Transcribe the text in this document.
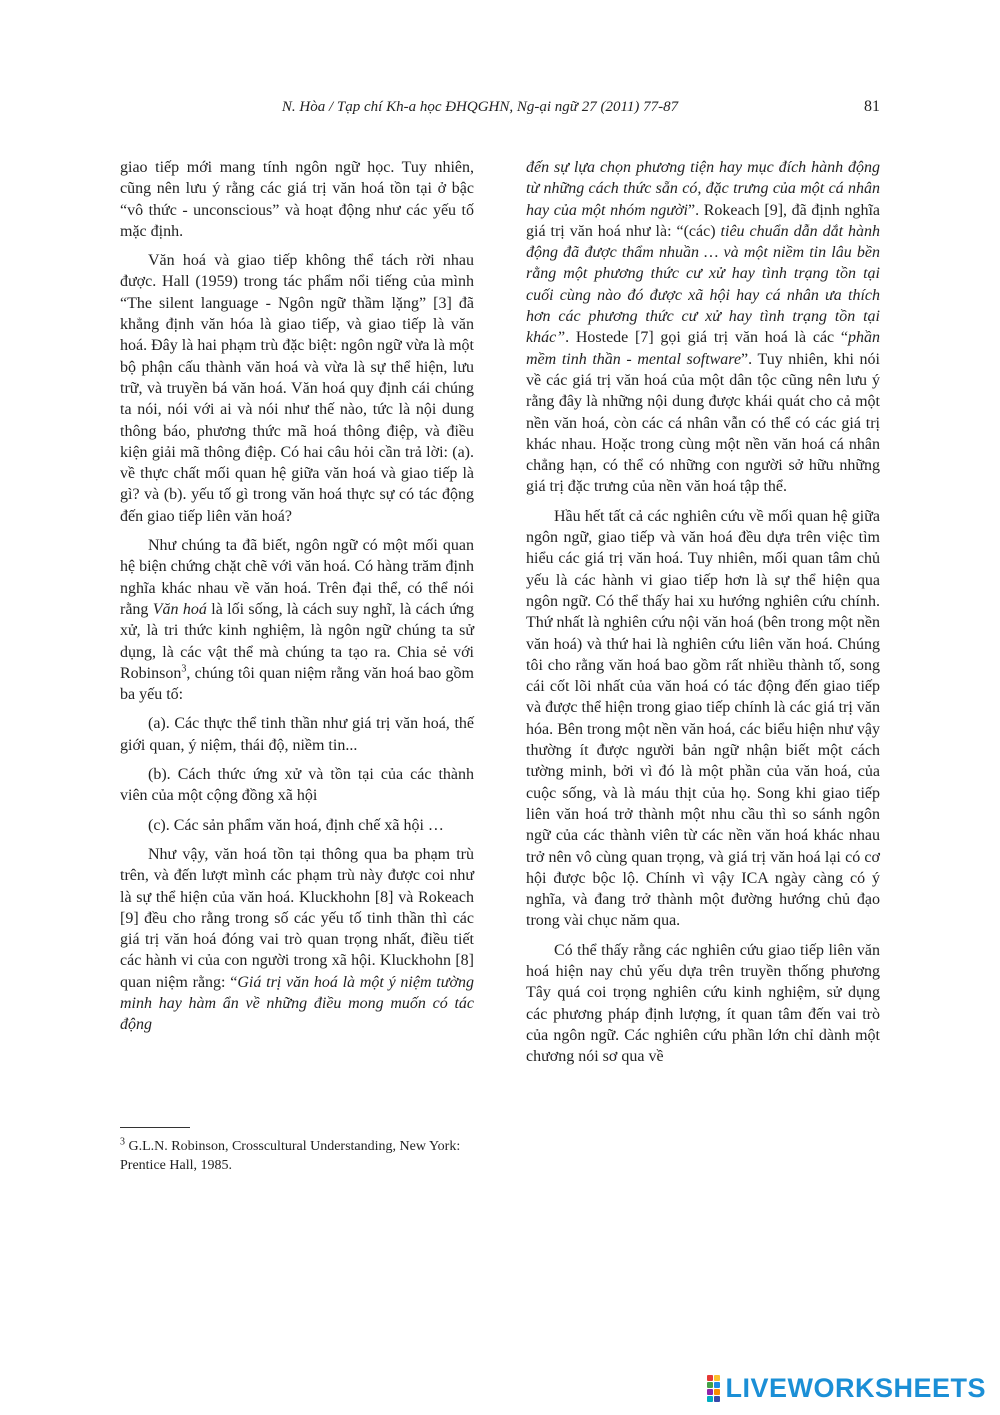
N. Hòa / Tạp chí Kh-a học ĐHQGHN, Ng-ại ngữ 27 (2011) 77-87	81

giao tiếp mới mang tính ngôn ngữ học. Tuy nhiên, cũng nên lưu ý rằng các giá trị văn hoá tồn tại ở bậc “vô thức - unconscious” và hoạt động như các yếu tố mặc định.

Văn hoá và giao tiếp không thể tách rời nhau được. Hall (1959) trong tác phẩm nổi tiếng của mình “The silent language - Ngôn ngữ thầm lặng” [3] đã khẳng định văn hóa là giao tiếp, và giao tiếp là văn hoá. Đây là hai phạm trù đặc biệt: ngôn ngữ vừa là một bộ phận cấu thành văn hoá và vừa là sự thể hiện, lưu trữ, và truyền bá văn hoá. Văn hoá quy định cái chúng ta nói, nói với ai và nói như thế nào, tức là nội dung thông báo, phương thức mã hoá thông điệp, và điều kiện giải mã thông điệp. Có hai câu hỏi cần trả lời: (a). về thực chất mối quan hệ giữa văn hoá và giao tiếp là gì? và (b). yếu tố gì trong văn hoá thực sự có tác động đến giao tiếp liên văn hoá?

Như chúng ta đã biết, ngôn ngữ có một mối quan hệ biện chứng chặt chẽ với văn hoá. Có hàng trăm định nghĩa khác nhau về văn hoá. Trên đại thể, có thể nói rằng Văn hoá là lối sống, là cách suy nghĩ, là cách ứng xử, là tri thức kinh nghiệm, là ngôn ngữ chúng ta sử dụng, là các vật thể mà chúng ta tạo ra. Chia sẻ với Robinson$^3$, chúng tôi quan niệm rằng văn hoá bao gồm ba yếu tố:

(a). Các thực thể tinh thần như giá trị văn hoá, thế giới quan, ý niệm, thái độ, niềm tin...

(b). Cách thức ứng xử và tồn tại của các thành viên của một cộng đồng xã hội

(c). Các sản phẩm văn hoá, định chế xã hội …

Như vậy, văn hoá tồn tại thông qua ba phạm trù trên, và đến lượt mình các phạm trù này được coi như là sự thể hiện của văn hoá. Kluckhohn [8] và Rokeach [9] đều cho rằng trong số các yếu tố tinh thần thì các giá trị văn hoá đóng vai trò quan trọng nhất, điều tiết các hành vi của con người trong xã hội. Kluckhohn [8] quan niệm rằng: “Giá trị văn hoá là một ý niệm tường minh hay hàm ẩn về những điều mong muốn có tác động

$^3$ G.L.N. Robinson, Crosscultural Understanding, New York: Prentice Hall, 1985.

đến sự lựa chọn phương tiện hay mục đích hành động từ những cách thức sẵn có, đặc trưng của một cá nhân hay của một nhóm người”. Rokeach [9], đã định nghĩa giá trị văn hoá như là: “(các) tiêu chuẩn dẫn dắt hành động đã được thẩm nhuần … và một niềm tin lâu bền rằng một phương thức cư xử hay tình trạng tồn tại cuối cùng nào đó được xã hội hay cá nhân ưa thích hơn các phương thức cư xử hay tình trạng tồn tại khác”. Hostede [7] gọi giá trị văn hoá là các “phần mềm tinh thần - mental software”. Tuy nhiên, khi nói về các giá trị văn hoá của một dân tộc cũng nên lưu ý rằng đây là những nội dung được khái quát cho cả một nền văn hoá, còn các cá nhân vẫn có thể có các giá trị khác nhau. Hoặc trong cùng một nền văn hoá cá nhân chẳng hạn, có thể có những con người sở hữu những giá trị đặc trưng của nền văn hoá tập thể.

Hầu hết tất cả các nghiên cứu về mối quan hệ giữa ngôn ngữ, giao tiếp và văn hoá đều dựa trên việc tìm hiểu các giá trị văn hoá. Tuy nhiên, mối quan tâm chủ yếu là các hành vi giao tiếp hơn là sự thể hiện qua ngôn ngữ. Có thể thấy hai xu hướng nghiên cứu chính. Thứ nhất là nghiên cứu nội văn hoá (bên trong một nền văn hoá) và thứ hai là nghiên cứu liên văn hoá. Chúng tôi cho rằng văn hoá bao gồm rất nhiều thành tố, song cái cốt lõi nhất của văn hoá có tác động đến giao tiếp và được thể hiện trong giao tiếp chính là các giá trị văn hóa. Bên trong một nền văn hoá, các biểu hiện như vậy thường ít được người bản ngữ nhận biết một cách tường minh, bởi vì đó là một phần của văn hoá, của cuộc sống, và là máu thịt của họ. Song khi giao tiếp liên văn hoá trở thành một nhu cầu thì so sánh ngôn ngữ của các thành viên từ các nền văn hoá khác nhau trở nên vô cùng quan trọng, và giá trị văn hoá lại có cơ hội được bộc lộ. Chính vì vậy ICA ngày càng có ý nghĩa, và đang trở thành một đường hướng chủ đạo trong vài chục năm qua.

Có thể thấy rằng các nghiên cứu giao tiếp liên văn hoá hiện nay chủ yếu dựa trên truyền thống phương Tây quá coi trọng nghiên cứu kinh nghiệm, sử dụng các phương pháp định lượng, ít quan tâm đến vai trò của ngôn ngữ. Các nghiên cứu phần lớn chỉ dành một chương nói sơ qua về

LIVEWORKSHEETS
